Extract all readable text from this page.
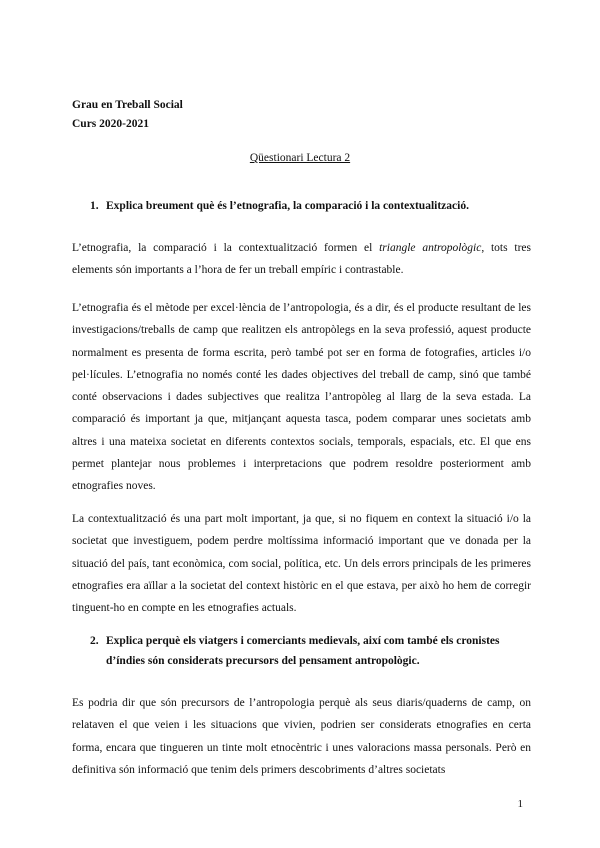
Grau en Treball Social
Curs 2020-2021
Qüestionari Lectura 2
1. Explica breument què és l’etnografia, la comparació i la contextualització.
L’etnografia, la comparació i la contextualització formen el triangle antropològic, tots tres elements són importants a l’hora de fer un treball empíric i contrastable.
L’etnografia és el mètode per excel·lència de l’antropologia, és a dir, és el producte resultant de les investigacions/treballs de camp que realitzen els antropòlegs en la seva professió, aquest producte normalment es presenta de forma escrita, però també pot ser en forma de fotografies, articles i/o pel·lícules. L’etnografia no només conté les dades objectives del treball de camp, sinó que també conté observacions i dades subjectives que realitza l’antropòleg al llarg de la seva estada. La comparació és important ja que, mitjançant aquesta tasca, podem comparar unes societats amb altres i una mateixa societat en diferents contextos socials, temporals, espacials, etc. El que ens permet plantejar nous problemes i interpretacions que podrem resoldre posteriorment amb etnografies noves.
La contextualització és una part molt important, ja que, si no fiquem en context la situació i/o la societat que investiguem, podem perdre moltíssima informació important que ve donada per la situació del país, tant econòmica, com social, política, etc. Un dels errors principals de les primeres etnografies era aïllar a la societat del context històric en el que estava, per això ho hem de corregir tinguent-ho en compte en les etnografies actuals.
2. Explica perquè els viatgers i comerciants medievals, així com també els cronistes d’índies són considerats precursors del pensament antropològic.
Es podria dir que són precursors de l’antropologia perquè als seus diaris/quaderns de camp, on relataven el que veien i les situacions que vivien, podrien ser considerats etnografies en certa forma, encara que tingueren un tinte molt etnocèntric i unes valoracions massa personals. Però en definitiva són informació que tenim dels primers descobriments d’altres societats
1
